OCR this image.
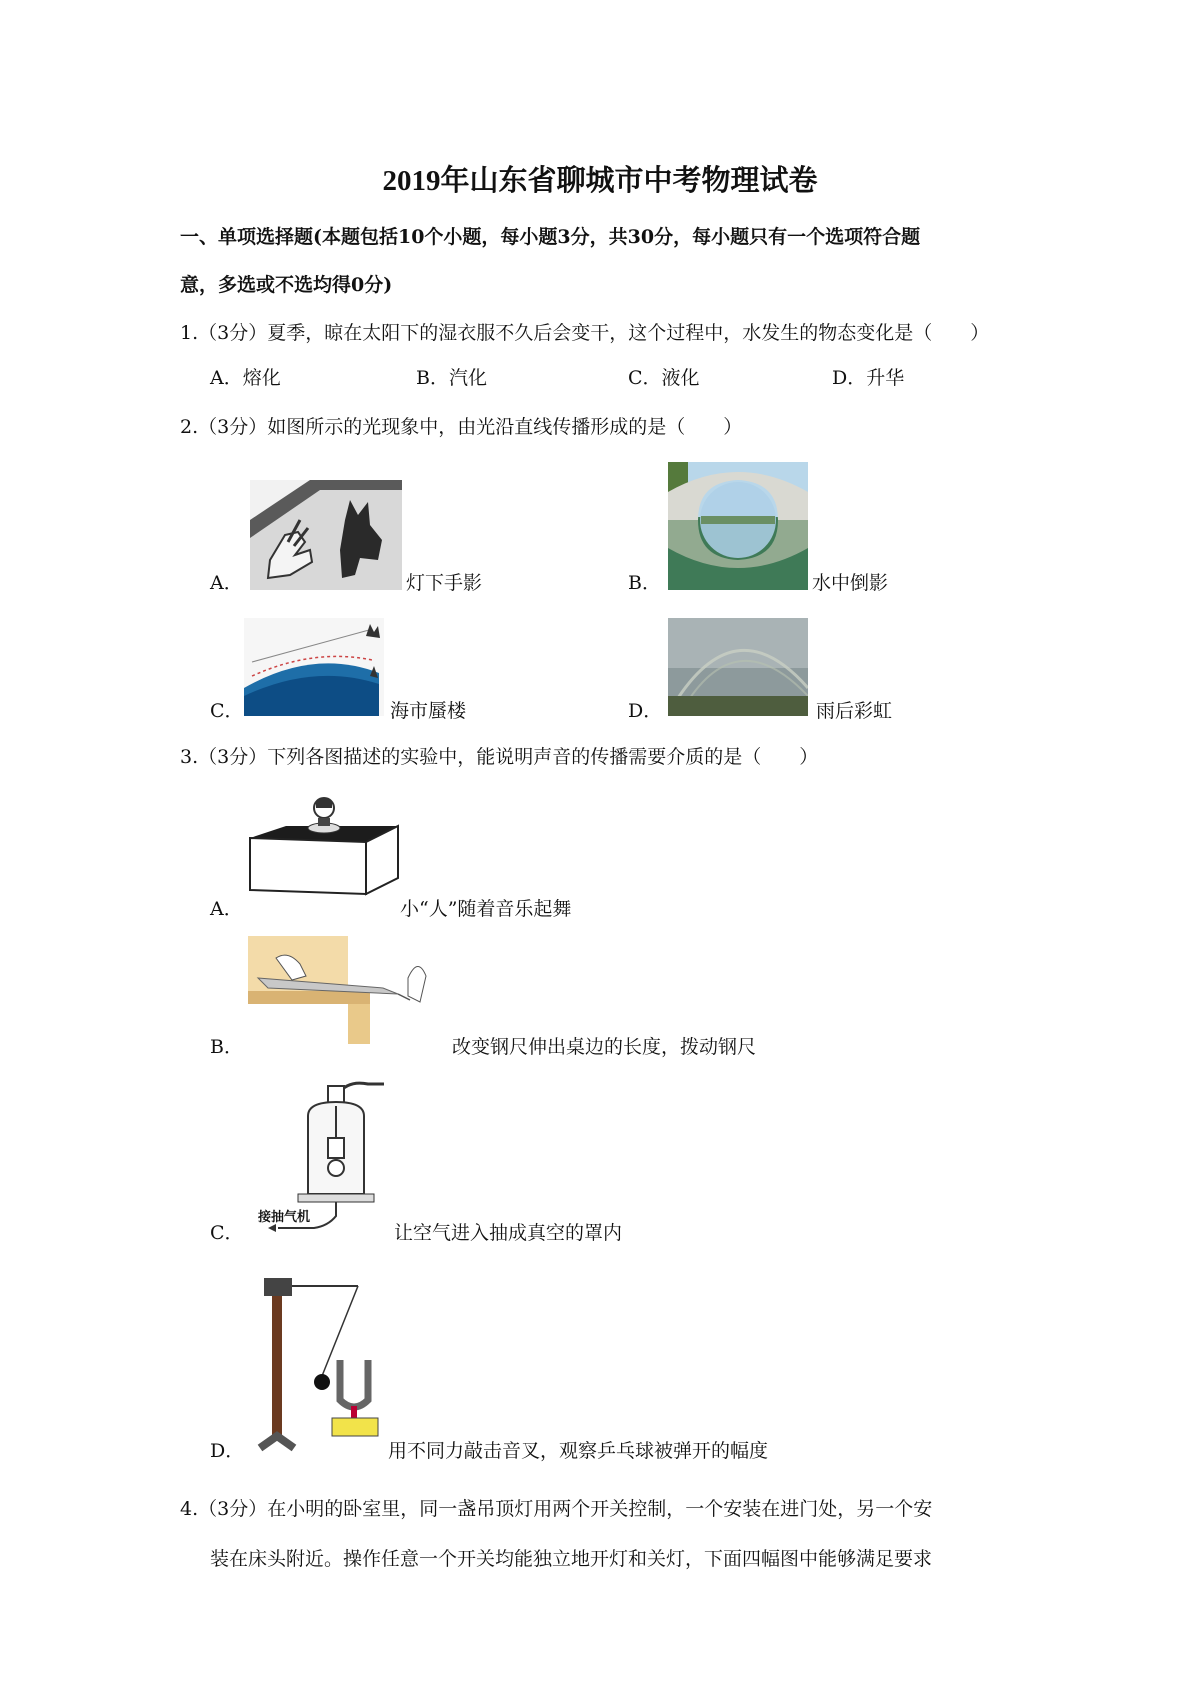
2019年山东省聊城市中考物理试卷
一、单项选择题(本题包括10个小题，每小题3分，共30分，每小题只有一个选项符合题
意，多选或不选均得0分)
1.（3分）夏季，晾在太阳下的湿衣服不久后会变干，这个过程中，水发生的物态变化是（　　）
A．熔化	B．汽化	C．液化	D．升华
2.（3分）如图所示的光现象中，由光沿直线传播形成的是（　　）
A．	灯下手影	B．	水中倒影
C．	海市蜃楼	D．	雨后彩虹
3.（3分）下列各图描述的实验中，能说明声音的传播需要介质的是（　　）
A．	小“人”随着音乐起舞
B．	改变钢尺伸出桌边的长度，拨动钢尺
接抽气机
C．	让空气进入抽成真空的罩内
D．	用不同力敲击音叉，观察乒乓球被弹开的幅度
4.（3分）在小明的卧室里，同一盏吊顶灯用两个开关控制，一个安装在进门处，另一个安
装在床头附近。操作任意一个开关均能独立地开灯和关灯，下面四幅图中能够满足要求
